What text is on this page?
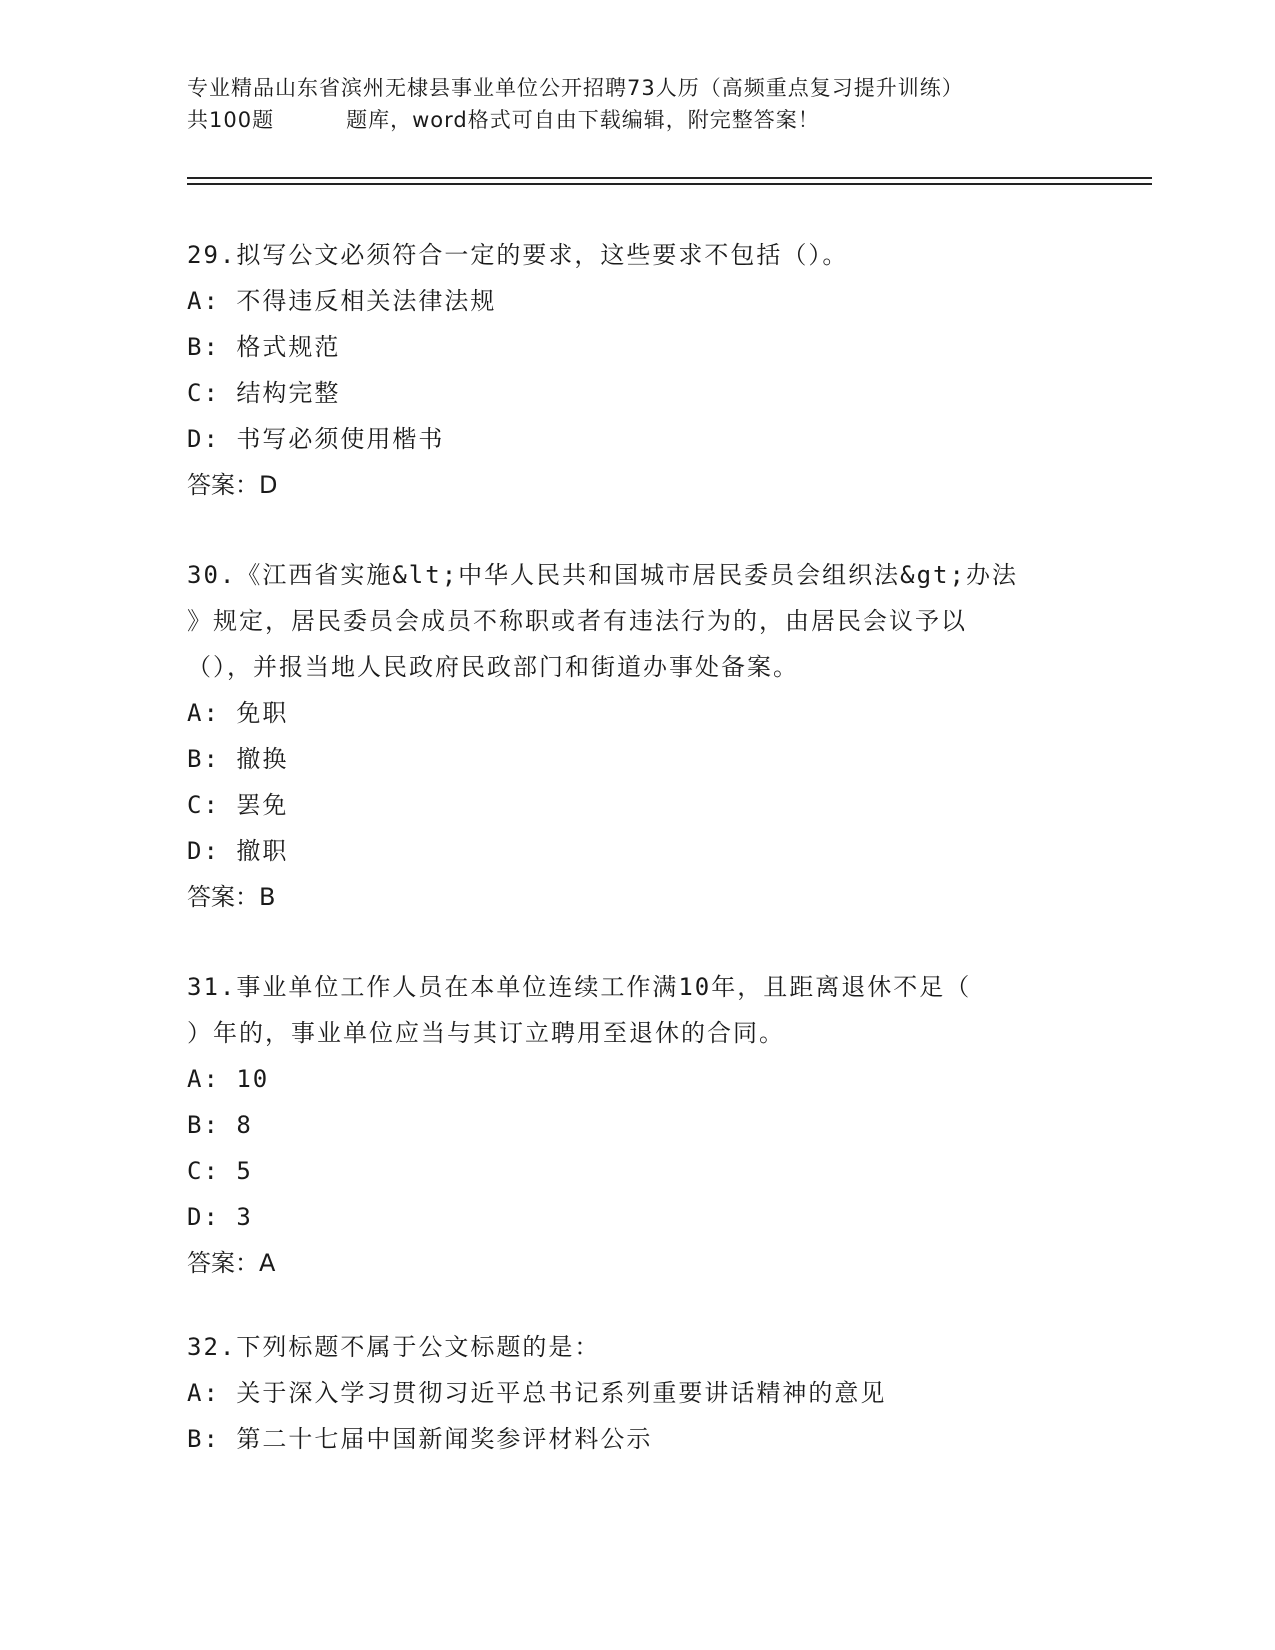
专业精品山东省滨州无棣县事业单位公开招聘73人历（高频重点复习提升训练）
共100题	题库，word格式可自由下载编辑，附完整答案！
29.拟写公文必须符合一定的要求，这些要求不包括（）。
A: 不得违反相关法律法规
B: 格式规范
C: 结构完整
D: 书写必须使用楷书
答案：D
30.《江西省实施&lt;中华人民共和国城市居民委员会组织法&gt;办法
》规定，居民委员会成员不称职或者有违法行为的，由居民会议予以
（），并报当地人民政府民政部门和街道办事处备案。
A: 免职
B: 撤换
C: 罢免
D: 撤职
答案：B
31.事业单位工作人员在本单位连续工作满10年，且距离退休不足（
）年的，事业单位应当与其订立聘用至退休的合同。
A: 10
B: 8
C: 5
D: 3
答案：A
32.下列标题不属于公文标题的是：
A: 关于深入学习贯彻习近平总书记系列重要讲话精神的意见
B: 第二十七届中国新闻奖参评材料公示
